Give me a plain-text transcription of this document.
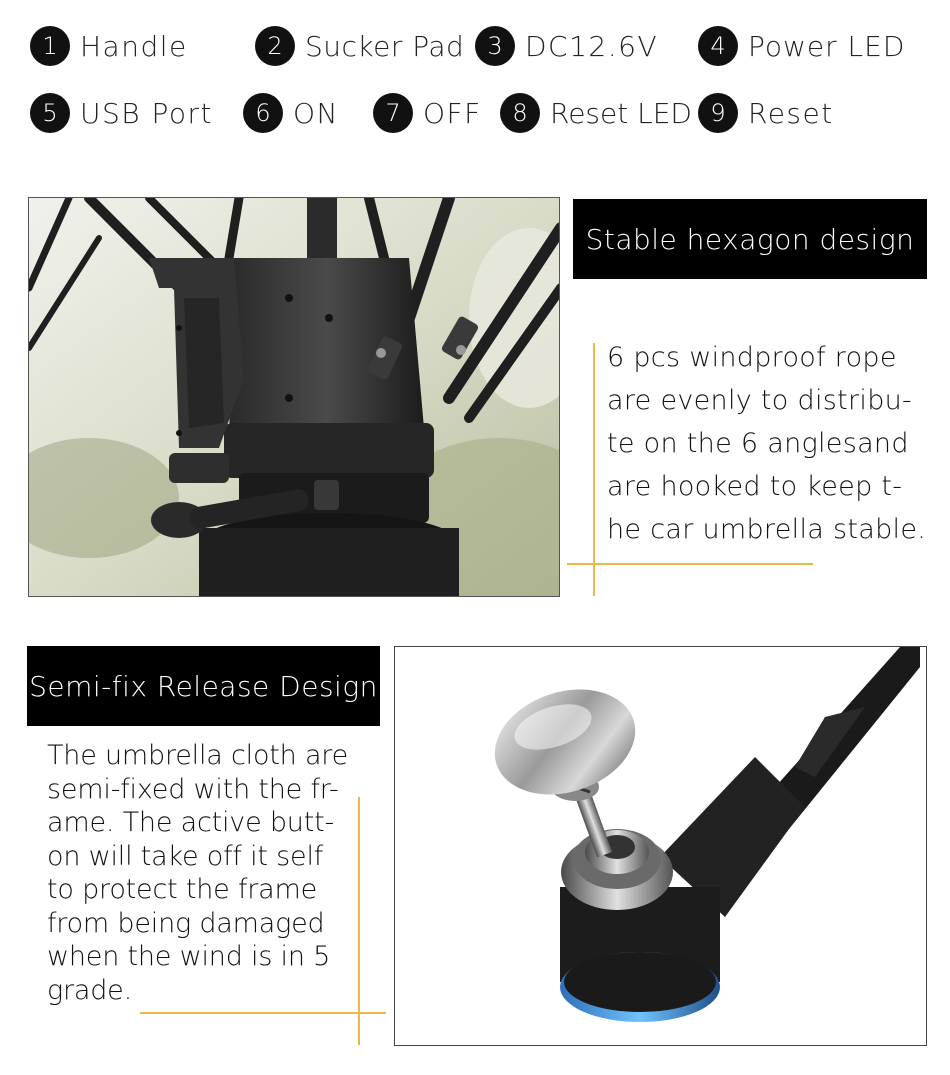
1 Handle	2 Sucker Pad 3 DC12.6V	4 Power LED
5 USB Port	6 ON	7 OFF	8 Reset LED 9 Reset
Stable hexagon design
6 pcs windproof rope
are evenly to distribu-
te on the 6 anglesand
are hooked to keep t-
he car umbrella stable.
Semi-fix Release Design
The umbrella cloth are
semi-fixed with the fr-
ame. The active butt-
on will take off it self
to protect the frame
from being damaged
when the wind is in 5
grade.
